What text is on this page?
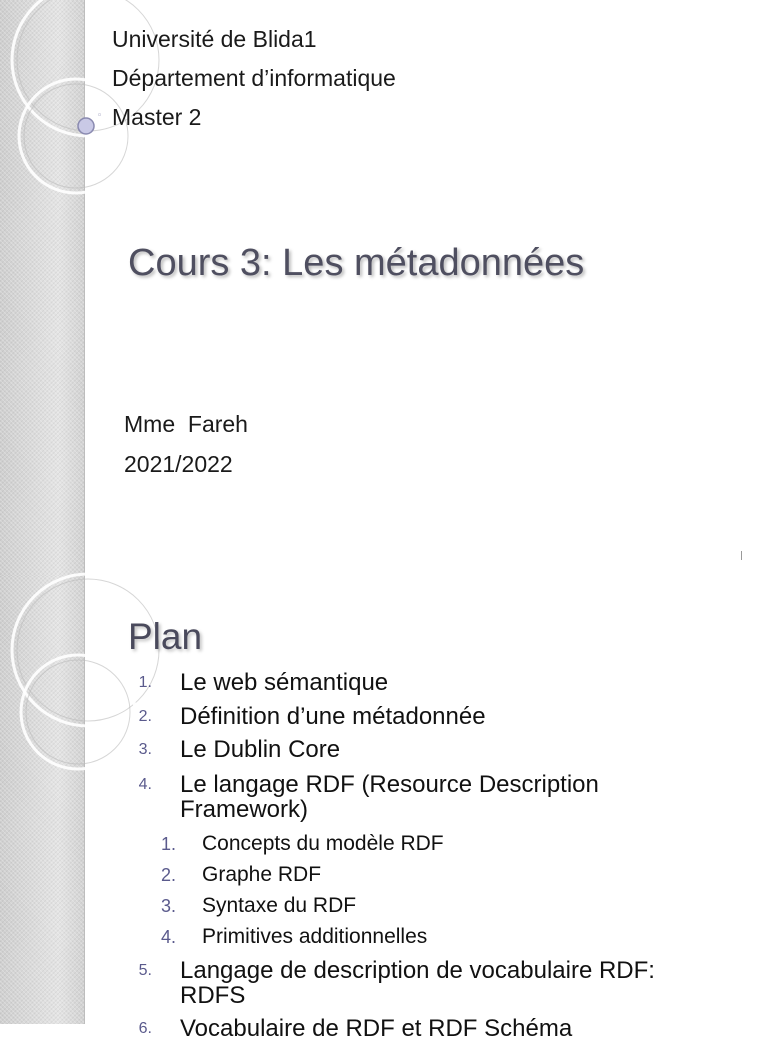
◦
Université de Blida1
Département d’informatique
Master 2
Cours 3: Les métadonnées
Mme  Fareh
2021/2022
Plan
1. Le web sémantique
2. Définition d’une métadonnée
3. Le Dublin Core
4. Le langage RDF (Resource Description
Framework)
1. Concepts du modèle RDF
2. Graphe RDF
3. Syntaxe du RDF
4. Primitives additionnelles
5. Langage de description de vocabulaire RDF:
RDFS
6. Vocabulaire de RDF et RDF Schéma
